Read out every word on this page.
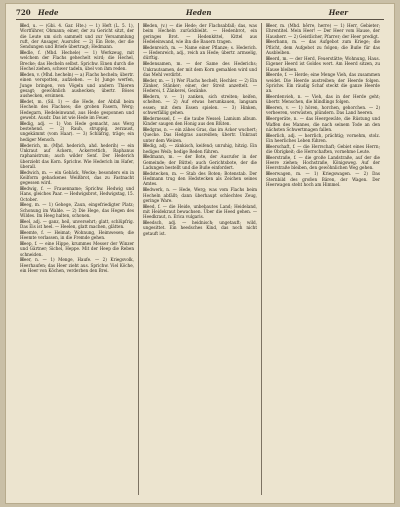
720 Hede	Heden	Heer

Hed, u. — (Gbi. 4. Gar. Hte.) — 1) Heft (L. 5. 1), Wortführer, Obmann; einer, der zu Gericht sitzt, der die Leute um sich sammelt und zur Versammlung ruft, der Ansager, Ausrufer. — 2) Ein Bote, der die Sendungen und Briefe übertragt; Hedmann.

Hedle, f. (Mhd. Hechele) — 1) Werkzeug, mit welchem der Flachs gehechelt wird; die Hechel, Brecke; das Hecheln selbst. Sprichw. Einen durch die Hechel ziehen, schwer tadeln, übel von ihm reden.

Heden, v. (Mhd. hecheln) — a) Flachs hecheln; übertr. einen verspotten, aufziehen. — b) Junge werfen, Junge bringen, von Vögeln und andern Thieren gesagt; gewöhnlich aushecken; übertr. Böses aushecken, ersinnen.

Hedet, m. (Sil. 1) — die Hede, der Abfall beim Hecheln des Flachses; die groben Fasern, Werg; Hedegarn, Hedeleinwand, aus Hede gesponnen und gewebt. Ausdr. Das ist wie Hede im Feuer.

Hedig, adj. — 1) Von Hede gemacht, aus Werg bestehend. — 2) Rauh, struppig, zerzaust, ungekämmt (vom Haar). — 3) Schläfrig, träge; ein hediger Mensch.

Hederich, m. (Mhd. hederich, ahd. hederih) — ein Unkraut auf Äckern, Ackerrettich, Raphanus raphanistrum; auch wilder Senf. Der Hederich überzieht das Korn. Sprichw. Wie Hederich im Hafer, überall.

Hedwich, m. — ein Gebäck, Wecke; besonders ein in Keilform gebackenes Weißbrot, das zu Fastnacht gegessen wird.

Hedwig, f. — Frauenname; Sprichw. Hedwig und Hans, gleiches Paar. — Hedwigsbrot, Hedwigstag, 15. October.

Heeg, m. — 1) Gehege, Zaun, eingefriedigter Platz; Schonung im Walde. — 2) Die Hege, das Hegen des Wildes. Im Heeg halten, schonen.

Heel, adj. — ganz, heil, unversehrt; glatt, schlüpfrig. Das Eis ist heel. — Heelen, glatt machen, glätten.

Heemte, f. — Heimat; Wohnung, Heimwesen; die Heemte verlassen, in die Fremde gehen.

Heep, f. — eine Hippe, krummes Messer der Winzer und Gärtner; Sichel, Heppe. Mit der Heep die Reben schneiden.

Heer, n. — 1) Menge, Haufe. — 2) Kriegsvolk, Heerhaufen; das Heer zieht aus. Sprichw. Viel Köche, ein Heer von Köchen, verderben den Brei.

Heden, (v.) — die Hede; der Flachsabfall; das, was beim Hecheln zurückbleibt. — Hedenbrot, ein geringes Brot. — Hedenkittel, Kittel aus Hedeleinwand, wie ihn die Bauern tragen.

Hedenreich, m. — Name einer Pflanze; s. Hederich. — Hedenreich, adj., reich an Hede; übertr. armselig, dürftig.

Hedensamen, m. — der Same des Hederichs; Unkrautsamen, der mit dem Korn gemahlen wird und das Mehl verdirbt.

Heder, m. — 1) Wer Flachs hechelt, Hechler. — 2) Ein Zänker, Stänker; einer, der Streit anzettelt. — Hederei, f. Zänkerei, Gezänke.

Hedern, v. — 1) zanken, sich streiten; keifen, schelten. — 2) Auf etwas herumkauen, langsam essen; mit dem Essen spielen. — 3) Hinken, schwerfällig gehen.

Hedernessel, f. — die taube Nessel; Lamium album. Kinder saugen den Honig aus den Blüten.

Hedgras, n. — ein zähes Gras, das im Acker wuchert; Quecke. Das Hedgras ausreißen; übertr. Unkraut unter dem Weizen.

Hedig, adj. — zänkisch, keifend; unruhig, hitzig. Ein hediges Weib; hedige Reden führen.

Hedmann, m. — der Bote, der Ausrufer in der Gemeinde; der Büttel; auch Gerichtsbote, der die Ladungen bestellt und die Buße einfordert.

Hedstecken, m. — Stab des Boten; Botenstab. Der Hedmann trug den Hedstecken als Zeichen seines Amtes.

Hedwerk, n. — Hede, Werg; was vom Flachs beim Hecheln abfällt; dann überhaupt schlechtes Zeug, geringe Ware.

Heed, f. — die Heide, unbebautes Land; Heideland, mit Heidekraut bewachsen. Über die Heed gehen. — Heedkraut, n. Erica vulgaris.

Heedsch, adj. — heidnisch; ungetauft; wild, ungesittet. Ein heedsches Kind, das noch nicht getauft ist.

Heer, m. (Mhd. hêrre, herre) — 1) Herr, Gebieter; Ehrentitel. Mein Heer! — Der Heer vom Hause, der Hausherr. — 2) Geistlicher, Pfarrer; der Heer predigt.

Heerbann, m. — das Aufgebot zum Kriege; die Pflicht, dem Aufgebot zu folgen; die Buße für das Ausbleiben.

Heerd, m. — der Herd, Feuerstätte; Wohnung, Haus. Eigener Heerd ist Goldes wert. Am Heerd sitzen, zu Hause bleiben.

Heerde, f. — Herde; eine Menge Vieh, das zusammen weidet. Die Heerde austreiben; der Heerde folgen. Sprichw. Ein räudig Schaf steckt die ganze Heerde an.

Heerdenvieh, n. — Vieh, das in der Herde geht; übertr. Menschen, die blindlings folgen.

Heeren, v. — 1) hören, horchen, gehorchen. — 2) verheeren, verwüsten, plündern. Das Land heeren.

Heergeräte, n. — das Heergewäte, die Rüstung und Waffen des Mannes, die nach seinem Tode an den nächsten Schwertmagen fallen.

Heerlich, adj. — herrlich, prächtig; vornehm, stolz. Ein heerliches Leben führen.

Heerschaft, f. — die Herrschaft; Gebiet eines Herrn; die Obrigkeit; die Herrschaften, vornehme Leute.

Heerstraße, f. — die große Landstraße, auf der die Heere ziehen; Hochstraße, Königsweg. Auf der Heerstraße bleiben, den gewöhnlichen Weg gehen.

Heerwagen, m. — 1) Kriegswagen. — 2) Das Sternbild des großen Bären, der Wagen. Der Heerwagen steht hoch am Himmel.
